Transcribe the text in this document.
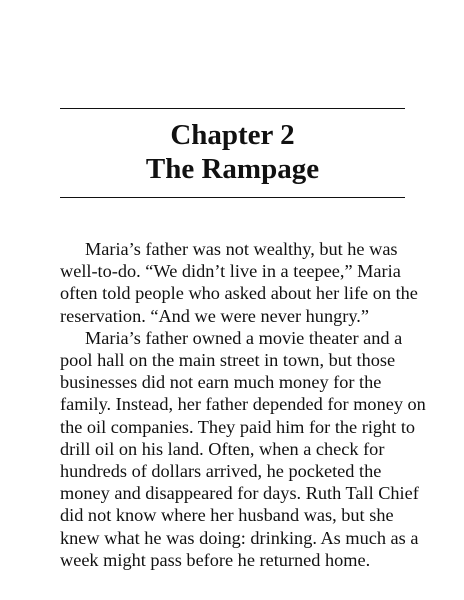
Chapter 2
The Rampage

Maria’s father was not wealthy, but he was
well-to-do. “We didn’t live in a teepee,” Maria
often told people who asked about her life on the
reservation. “And we were never hungry.”

Maria’s father owned a movie theater and a
pool hall on the main street in town, but those
businesses did not earn much money for the
family. Instead, her father depended for money on
the oil companies. They paid him for the right to
drill oil on his land. Often, when a check for
hundreds of dollars arrived, he pocketed the
money and disappeared for days. Ruth Tall Chief
did not know where her husband was, but she
knew what he was doing: drinking. As much as a
week might pass before he returned home.
